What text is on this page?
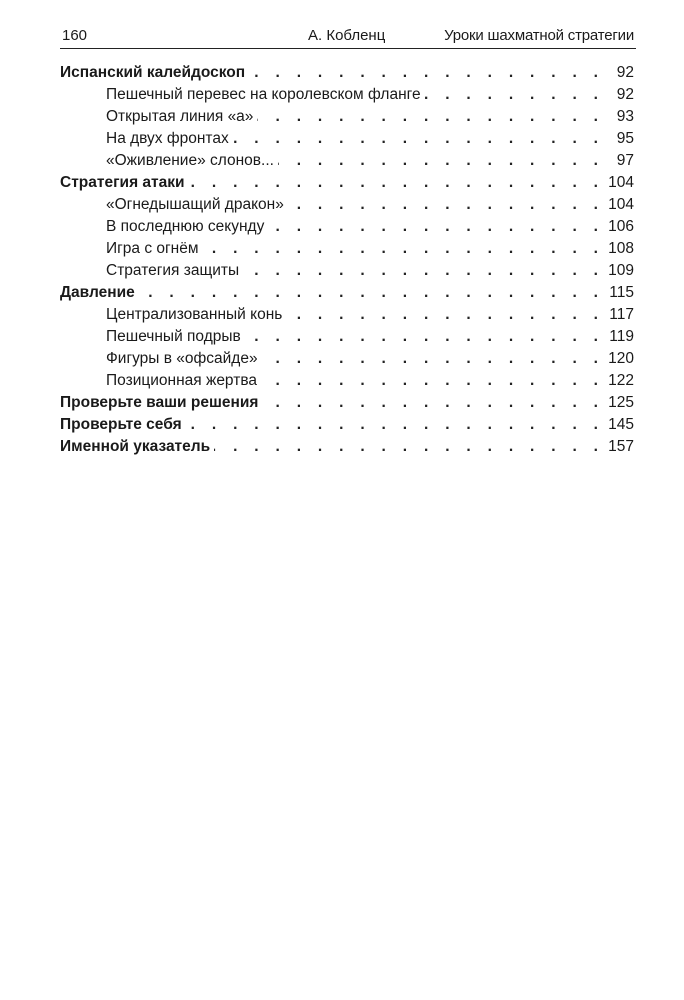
160	А. Кобленц	Уроки шахматной стратегии
Испанский калейдоскоп . . .	92
Пешечный перевес на королевском фланге . . .	92
Открытая линия «а» . . .	93
На двух фронтах . . .	95
«Оживление» слонов... . . .	97
Стратегия атаки . . .	104
«Огнедышащий дракон» . . .	104
В последнюю секунду . . .	106
Игра с огнём . . .	108
Стратегия защиты . . .	109
Давление . . .	115
Централизованный конь . . .	117
Пешечный подрыв . . .	119
Фигуры в «офсайде» . . .	120
Позиционная жертва . . .	122
Проверьте ваши решения . . .	125
Проверьте себя . . .	145
Именной указатель . . .	157
